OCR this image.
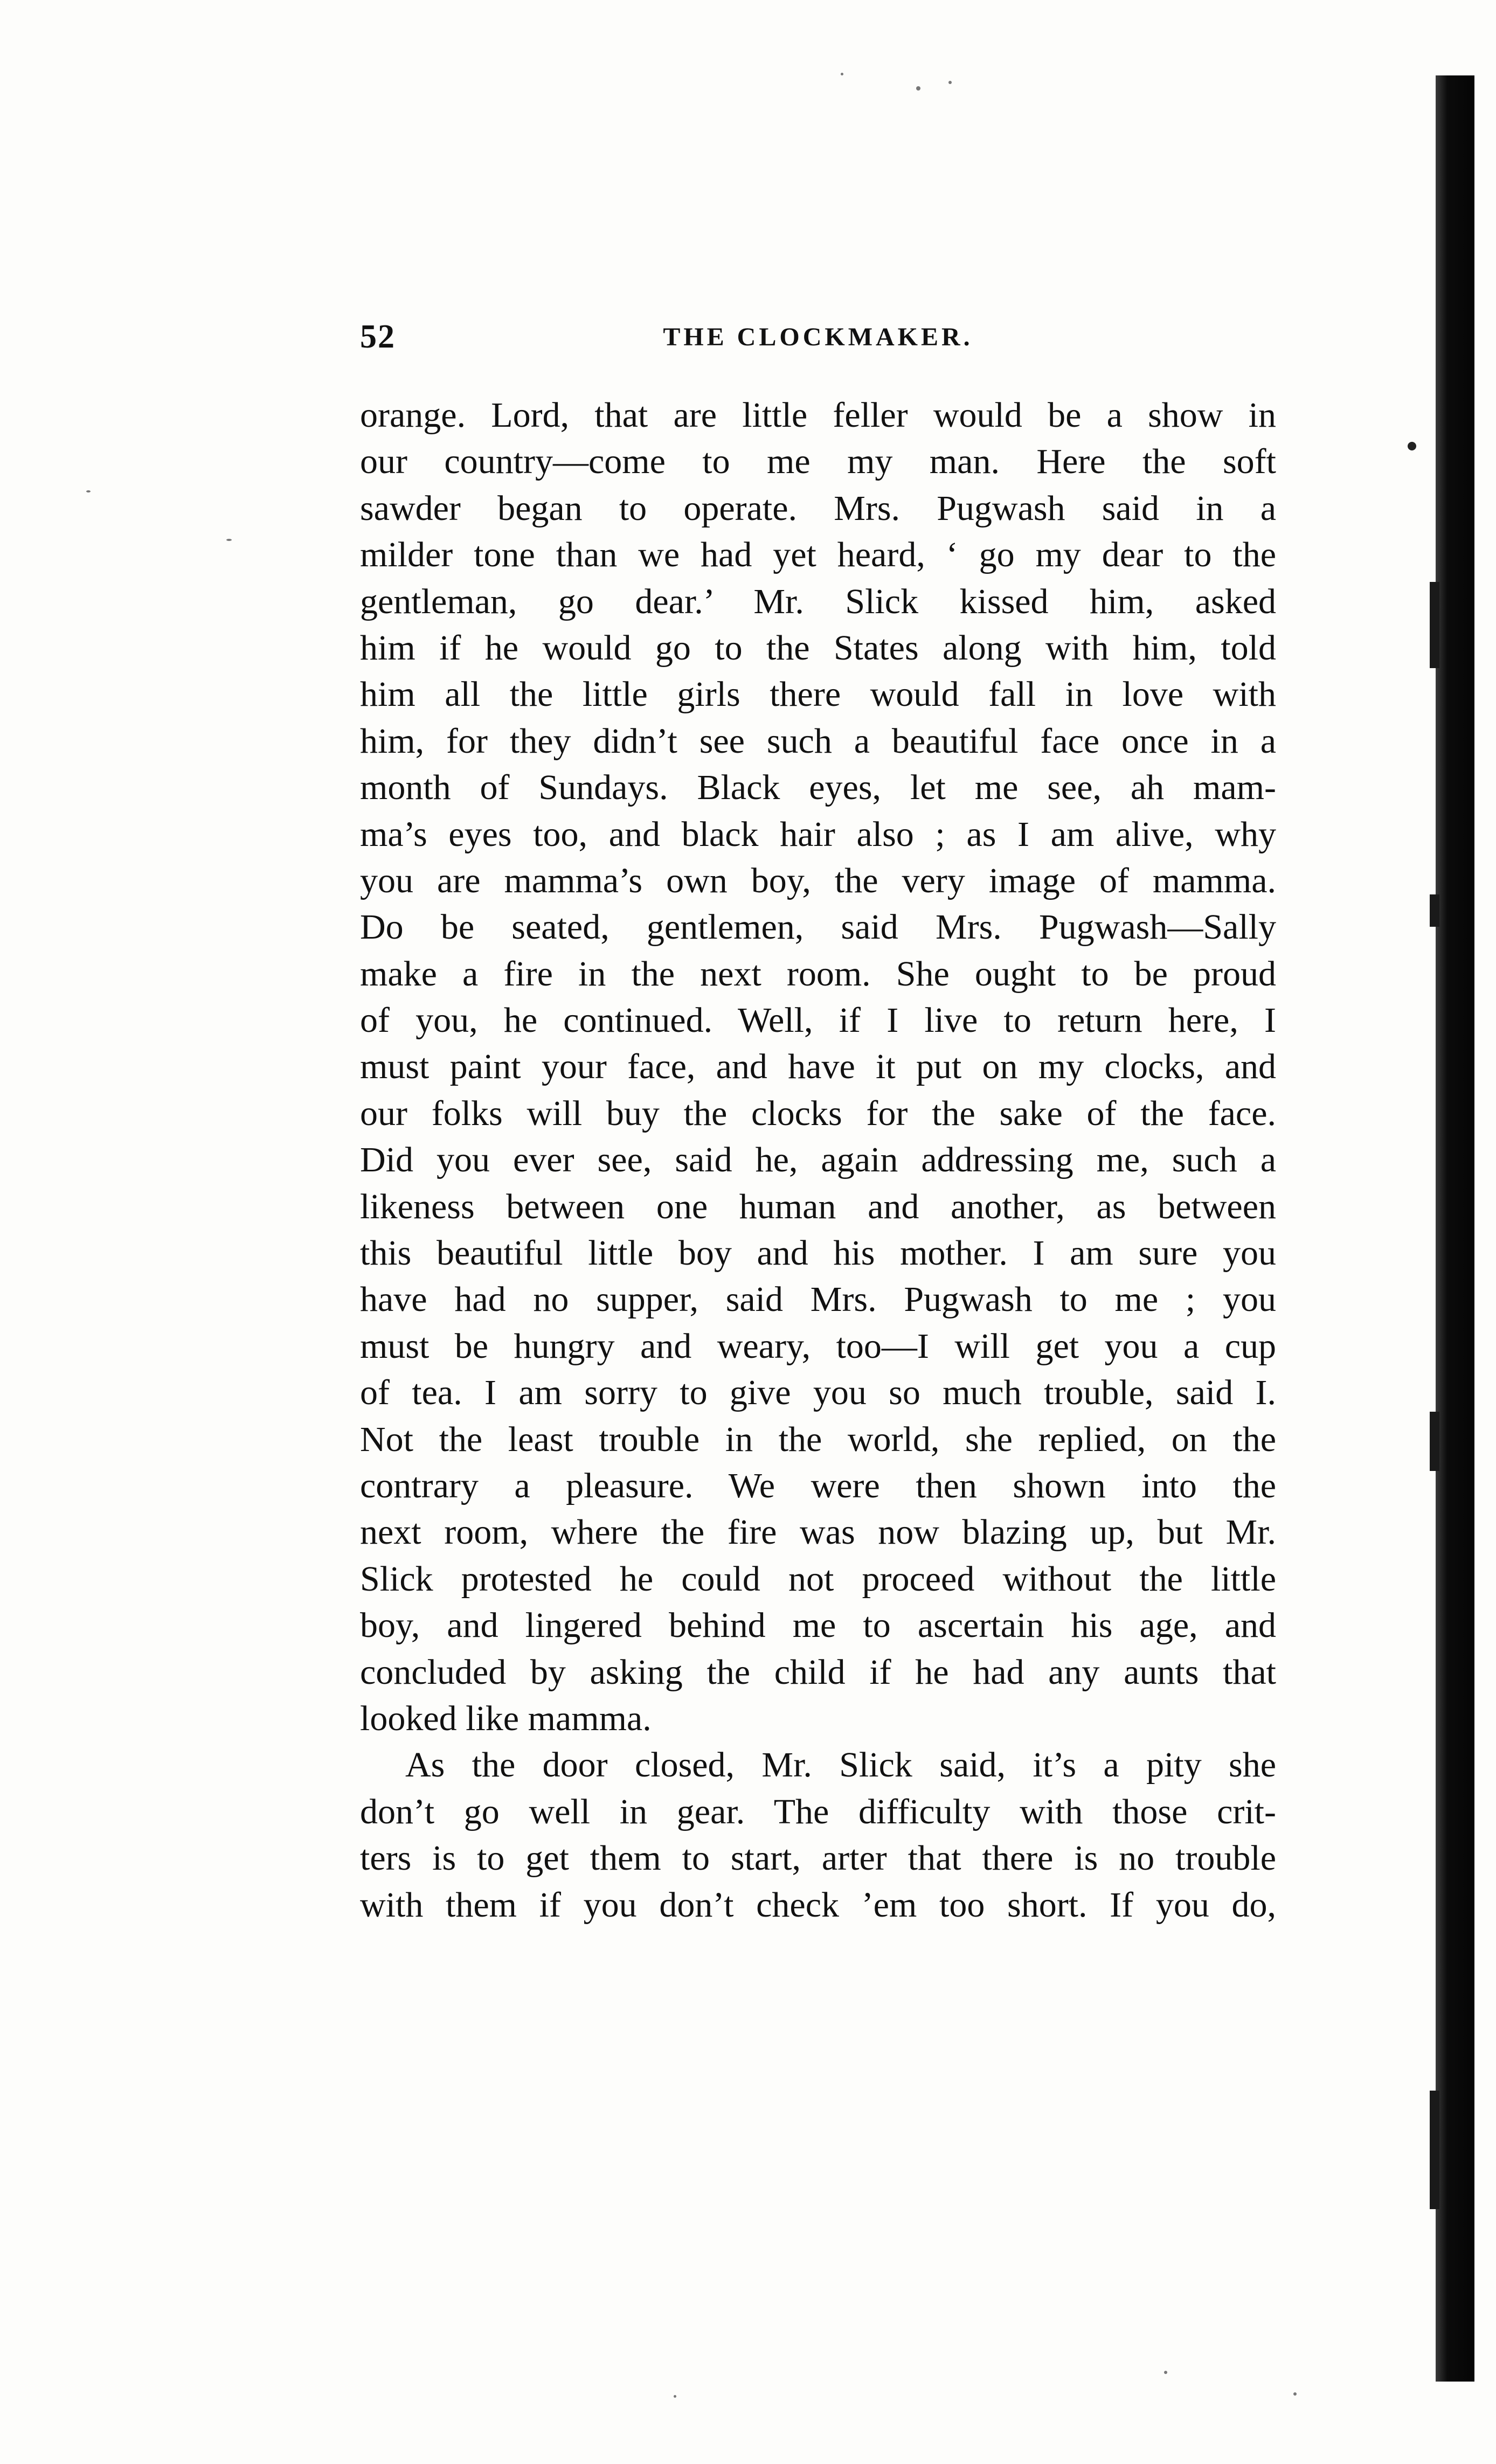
52	THE CLOCKMAKER.
orange. Lord, that are little feller would be a show in
our country—come to me my man. Here the soft
sawder began to operate. Mrs. Pugwash said in a
milder tone than we had yet heard, ‘ go my dear to the
gentleman, go dear.’ Mr. Slick kissed him, asked
him if he would go to the States along with him, told
him all the little girls there would fall in love with
him, for they didn’t see such a beautiful face once in a
month of Sundays. Black eyes, let me see, ah mam-
ma’s eyes too, and black hair also ; as I am alive, why
you are mamma’s own boy, the very image of mamma.
Do be seated, gentlemen, said Mrs. Pugwash—Sally
make a fire in the next room. She ought to be proud
of you, he continued. Well, if I live to return here, I
must paint your face, and have it put on my clocks, and
our folks will buy the clocks for the sake of the face.
Did you ever see, said he, again addressing me, such a
likeness between one human and another, as between
this beautiful little boy and his mother. I am sure you
have had no supper, said Mrs. Pugwash to me ; you
must be hungry and weary, too—I will get you a cup
of tea. I am sorry to give you so much trouble, said I.
Not the least trouble in the world, she replied, on the
contrary a pleasure. We were then shown into the
next room, where the fire was now blazing up, but Mr.
Slick protested he could not proceed without the little
boy, and lingered behind me to ascertain his age, and
concluded by asking the child if he had any aunts that
looked like mamma.
As the door closed, Mr. Slick said, it’s a pity she
don’t go well in gear. The difficulty with those crit-
ters is to get them to start, arter that there is no trouble
with them if you don’t check ’em too short. If you do,
